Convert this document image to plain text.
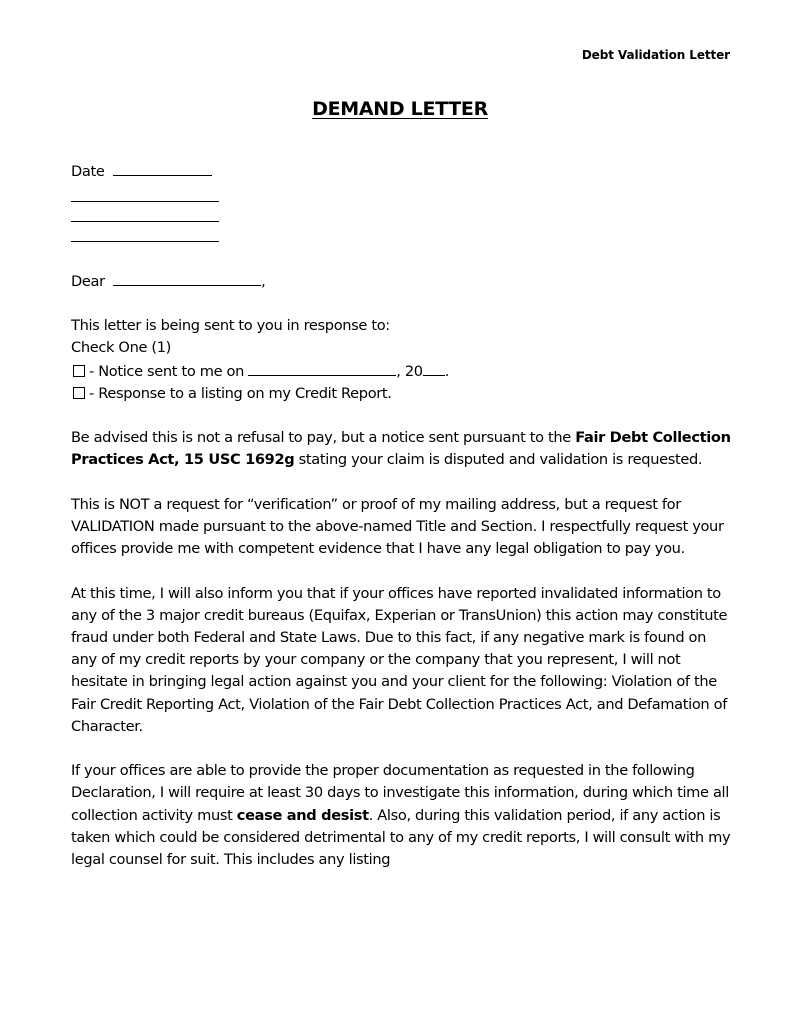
Debt Validation Letter
DEMAND LETTER
Date
Dear	,
This letter is being sent to you in response to:
Check One (1)
- Notice sent to me on	, 20 .
- Response to a listing on my Credit Report.

Be advised this is not a refusal to pay, but a notice sent pursuant to the Fair Debt Collection Practices Act, 15 USC 1692g stating your claim is disputed and validation is requested.

This is NOT a request for “verification” or proof of my mailing address, but a request for VALIDATION made pursuant to the above-named Title and Section. I respectfully request your offices provide me with competent evidence that I have any legal obligation to pay you.

At this time, I will also inform you that if your offices have reported invalidated information to any of the 3 major credit bureaus (Equifax, Experian or TransUnion) this action may constitute fraud under both Federal and State Laws. Due to this fact, if any negative mark is found on any of my credit reports by your company or the company that you represent, I will not hesitate in bringing legal action against you and your client for the following: Violation of the Fair Credit Reporting Act, Violation of the Fair Debt Collection Practices Act, and Defamation of Character.

If your offices are able to provide the proper documentation as requested in the following Declaration, I will require at least 30 days to investigate this information, during which time all collection activity must cease and desist. Also, during this validation period, if any action is taken which could be considered detrimental to any of my credit reports, I will consult with my legal counsel for suit. This includes any listing
